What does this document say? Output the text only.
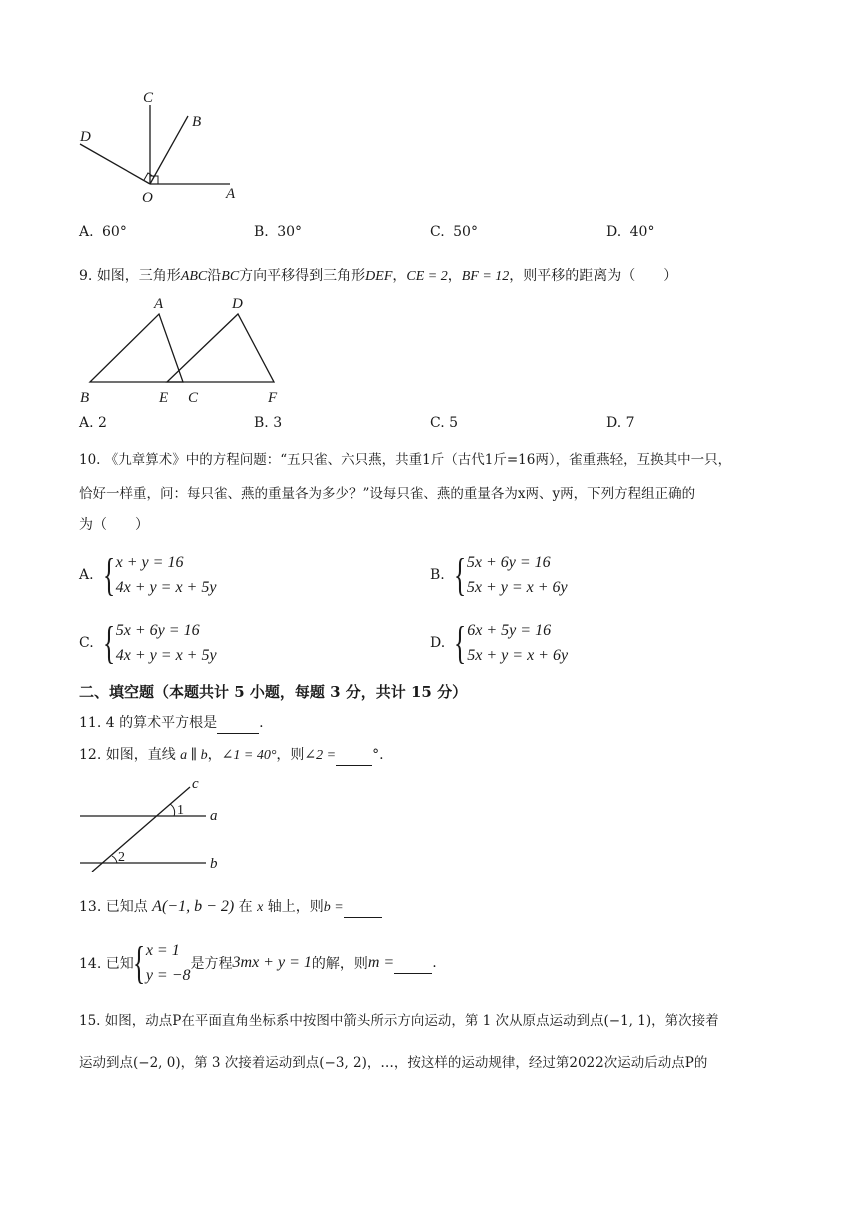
C
B
D
O	A
A. 60°	B. 30°	C. 50°	D. 40°
9. 如图，三角形ABC沿BC方向平移得到三角形DEF，CE = 2，BF = 12，则平移的距离为（　　）
A	D
B	E C	F
A. 2	B. 3	C. 5	D. 7
10. 《九章算术》中的方程问题：“五只雀、六只燕，共重1斤（古代1斤=16两），雀重燕轻，互换其中一只，
恰好一样重，问：每只雀、燕的重量各为多少？”设每只雀、燕的重量各为x两、y两，下列方程组正确的
为（　　）
A. { x + y = 16
4x + y = x + 5y
B. { 5x + 6y = 16
5x + y = x + 6y
C. { 5x + 6y = 16
4x + y = x + 5y
D. { 6x + 5y = 16
5x + y = x + 6y
二、填空题（本题共计 5 小题，每题 3 分，共计 15 分）
11. 4 的算术平方根是	.
12. 如图，直线 a ∥ b，∠1 = 40°，则∠2 =	°.
c
1 a
2	b
13. 已知点 A(−1, b − 2) 在 x 轴上，则b =
14. 已知
{ x = 1
y = −8
是方程 3mx + y = 1 的解，则 m =
	.
15. 如图，动点P在平面直角坐标系中按图中箭头所示方向运动，第 1 次从原点运动到点(−1, 1)，第次接着
运动到点(−2, 0)，第 3 次接着运动到点(−3, 2)，…，按这样的运动规律，经过第2022次运动后动点P的
